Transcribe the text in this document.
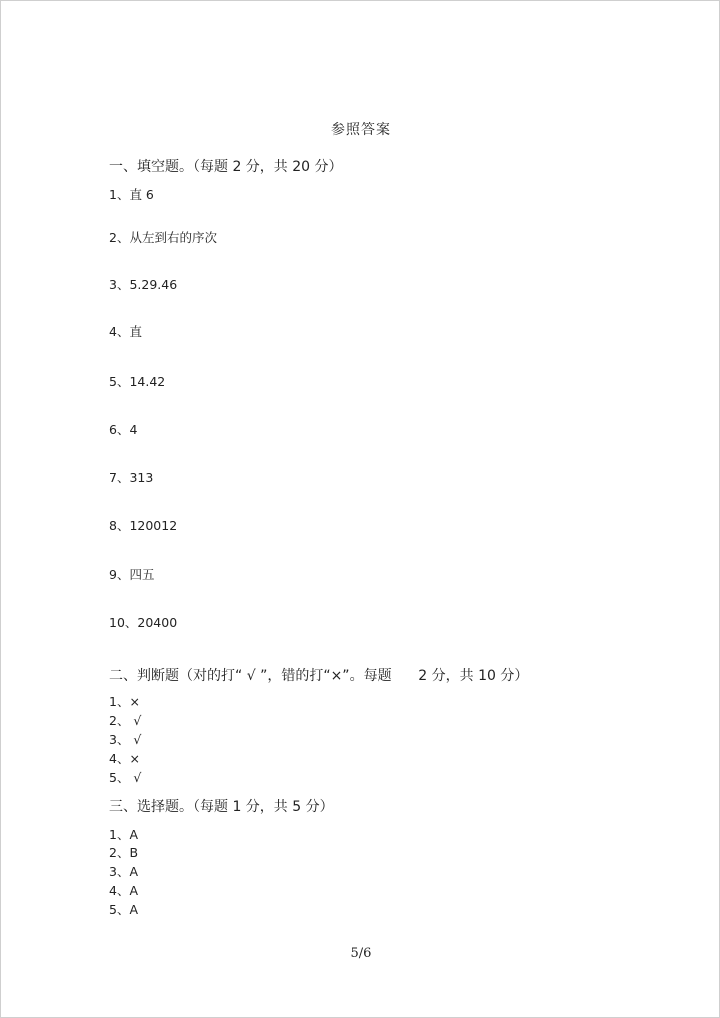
参照答案
一、填空题。（每题 2 分，共 20 分）
1、直 6
2、从左到右的序次
3、5.29.46
4、直
5、14.42
6、4
7、313
8、120012
9、四五
10、20400
二、判断题（对的打“ √ ”，错的打“×”。每题      2 分，共 10 分）
1、×
2、 √
3、 √
4、×
5、 √
三、选择题。（每题 1 分，共 5 分）
1、A
2、B
3、A
4、A
5、A
5/6
